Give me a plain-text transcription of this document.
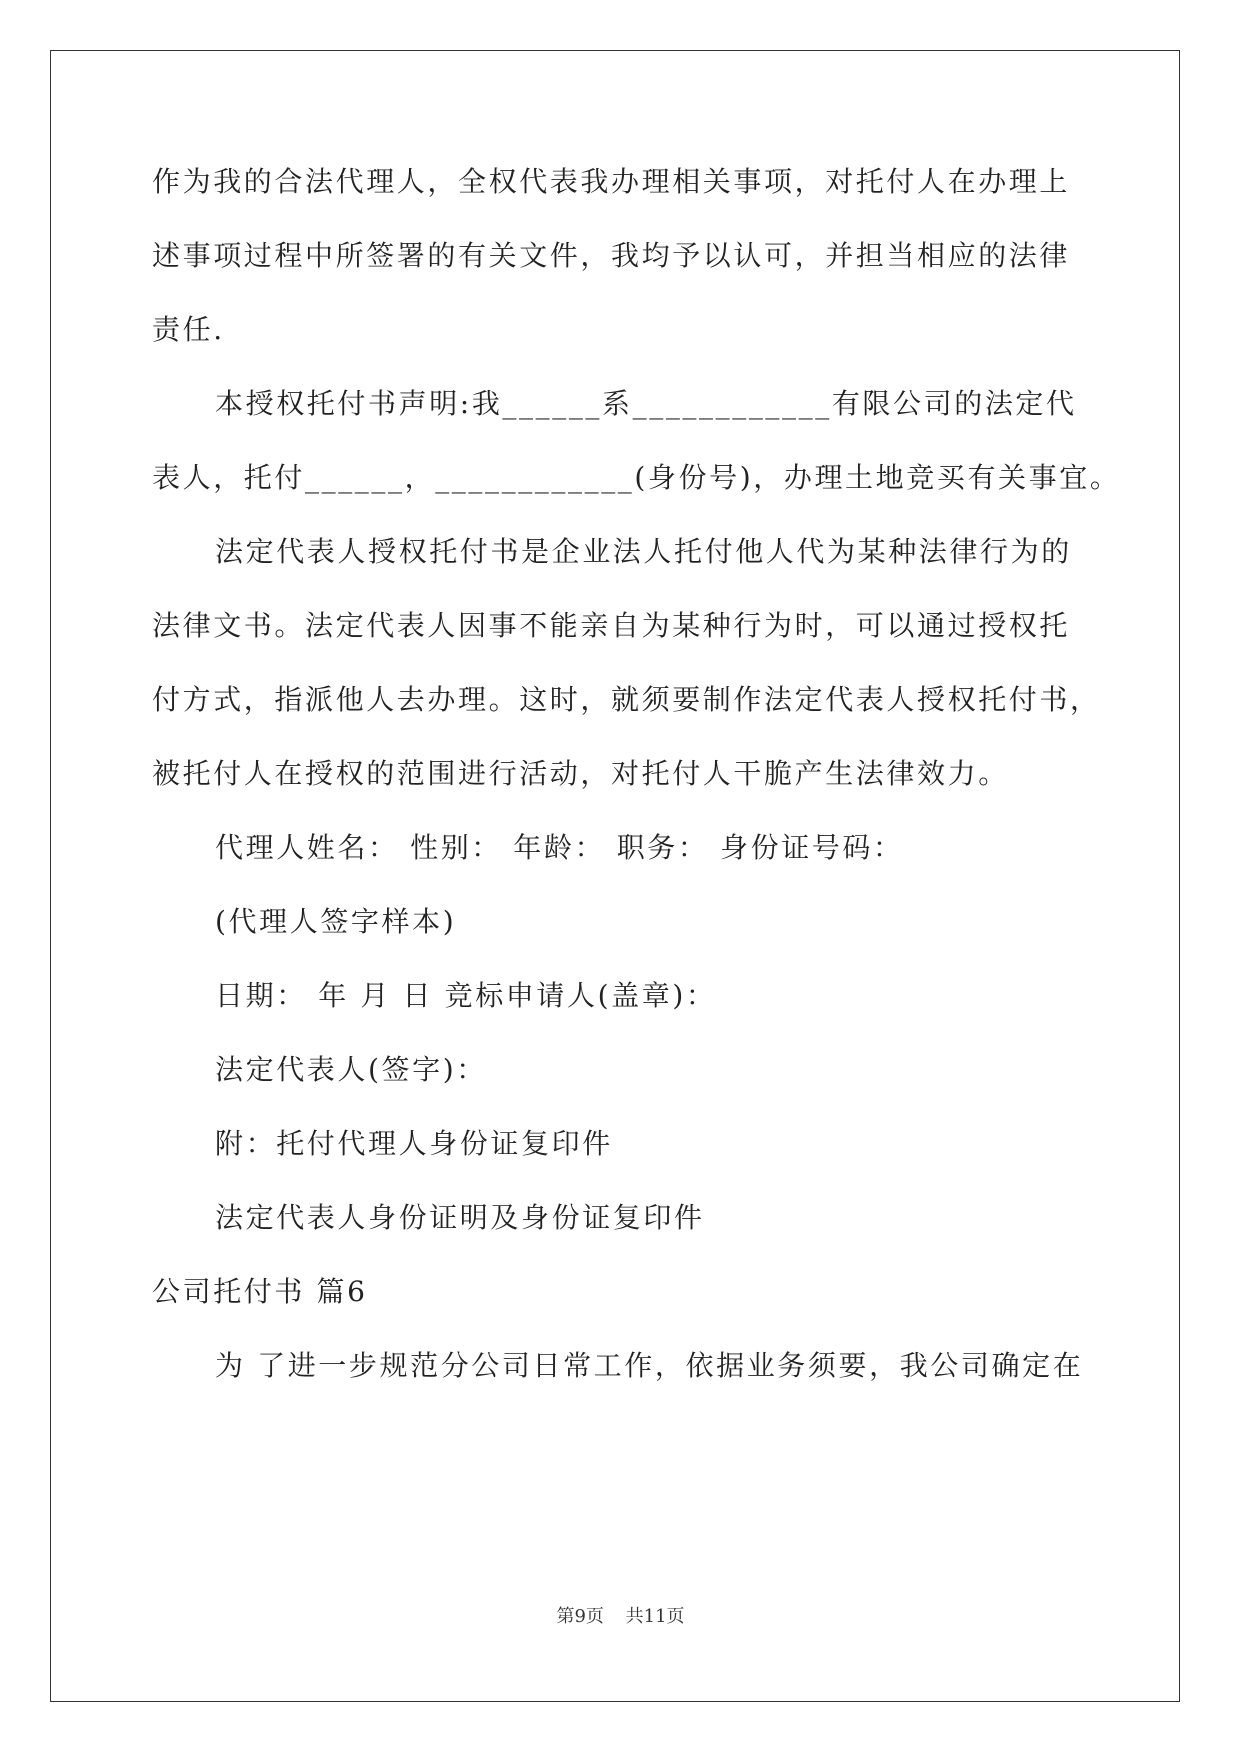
作为我的合法代理人，全权代表我办理相关事项，对托付人在办理上
述事项过程中所签署的有关文件，我均予以认可，并担当相应的法律
责任.
本授权托付书声明:我______系____________有限公司的法定代
表人，托付______，____________(身份号)，办理土地竞买有关事宜。
法定代表人授权托付书是企业法人托付他人代为某种法律行为的
法律文书。法定代表人因事不能亲自为某种行为时，可以通过授权托
付方式，指派他人去办理。这时，就须要制作法定代表人授权托付书，
被托付人在授权的范围进行活动，对托付人干脆产生法律效力。
代理人姓名： 性别： 年龄： 职务： 身份证号码：
(代理人签字样本)
日期： 年 月 日 竞标申请人(盖章)：
法定代表人(签字)：
附：托付代理人身份证复印件
法定代表人身份证明及身份证复印件
公司托付书 篇6
为 了进一步规范分公司日常工作，依据业务须要，我公司确定在
第9页 共11页
